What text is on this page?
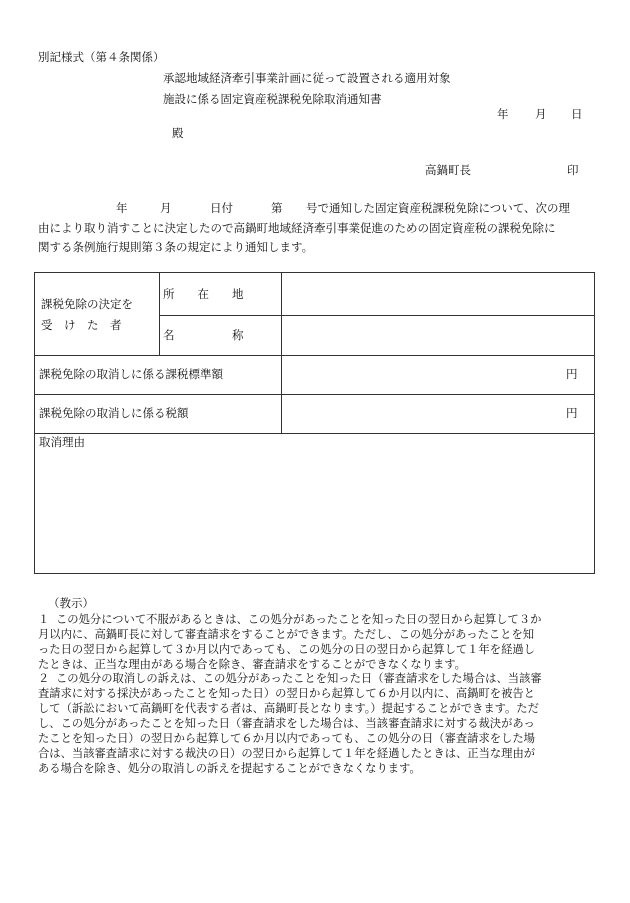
別記様式（第４条関係）
承認地域経済牽引事業計画に従って設置される適用対象
施設に係る固定資産税課税免除取消通知書
年 月 日
殿
高鍋町長	印
年	月	日付	第 号で通知した固定資産税課税免除について、次の理
由により取り消すことに決定したので高鍋町地域経済牽引事業促進のための固定資産税の課税免除に
関する条例施行規則第３条の規定により通知します。
課税免除の決定を
受　け　た　者
所　　在　　地
名　　　　　称
課税免除の取消しに係る課税標準額	円
課税免除の取消しに係る税額	円
取消理由
（教示）
１ この処分について不服があるときは、この処分があったことを知った日の翌日から起算して３か
月以内に、高鍋町長に対して審査請求をすることができます。ただし、この処分があったことを知
った日の翌日から起算して３か月以内であっても、この処分の日の翌日から起算して１年を経過し
たときは、正当な理由がある場合を除き、審査請求をすることができなくなります。
２ この処分の取消しの訴えは、この処分があったことを知った日（審査請求をした場合は、当該審
査請求に対する採決があったことを知った日）の翌日から起算して６か月以内に、高鍋町を被告と
して（訴訟において高鍋町を代表する者は、高鍋町長となります。）提起することができます。ただ
し、この処分があったことを知った日（審査請求をした場合は、当該審査請求に対する裁決があっ
たことを知った日）の翌日から起算して６か月以内であっても、この処分の日（審査請求をした場
合は、当該審査請求に対する裁決の日）の翌日から起算して１年を経過したときは、正当な理由が
ある場合を除き、処分の取消しの訴えを提起することができなくなります。
